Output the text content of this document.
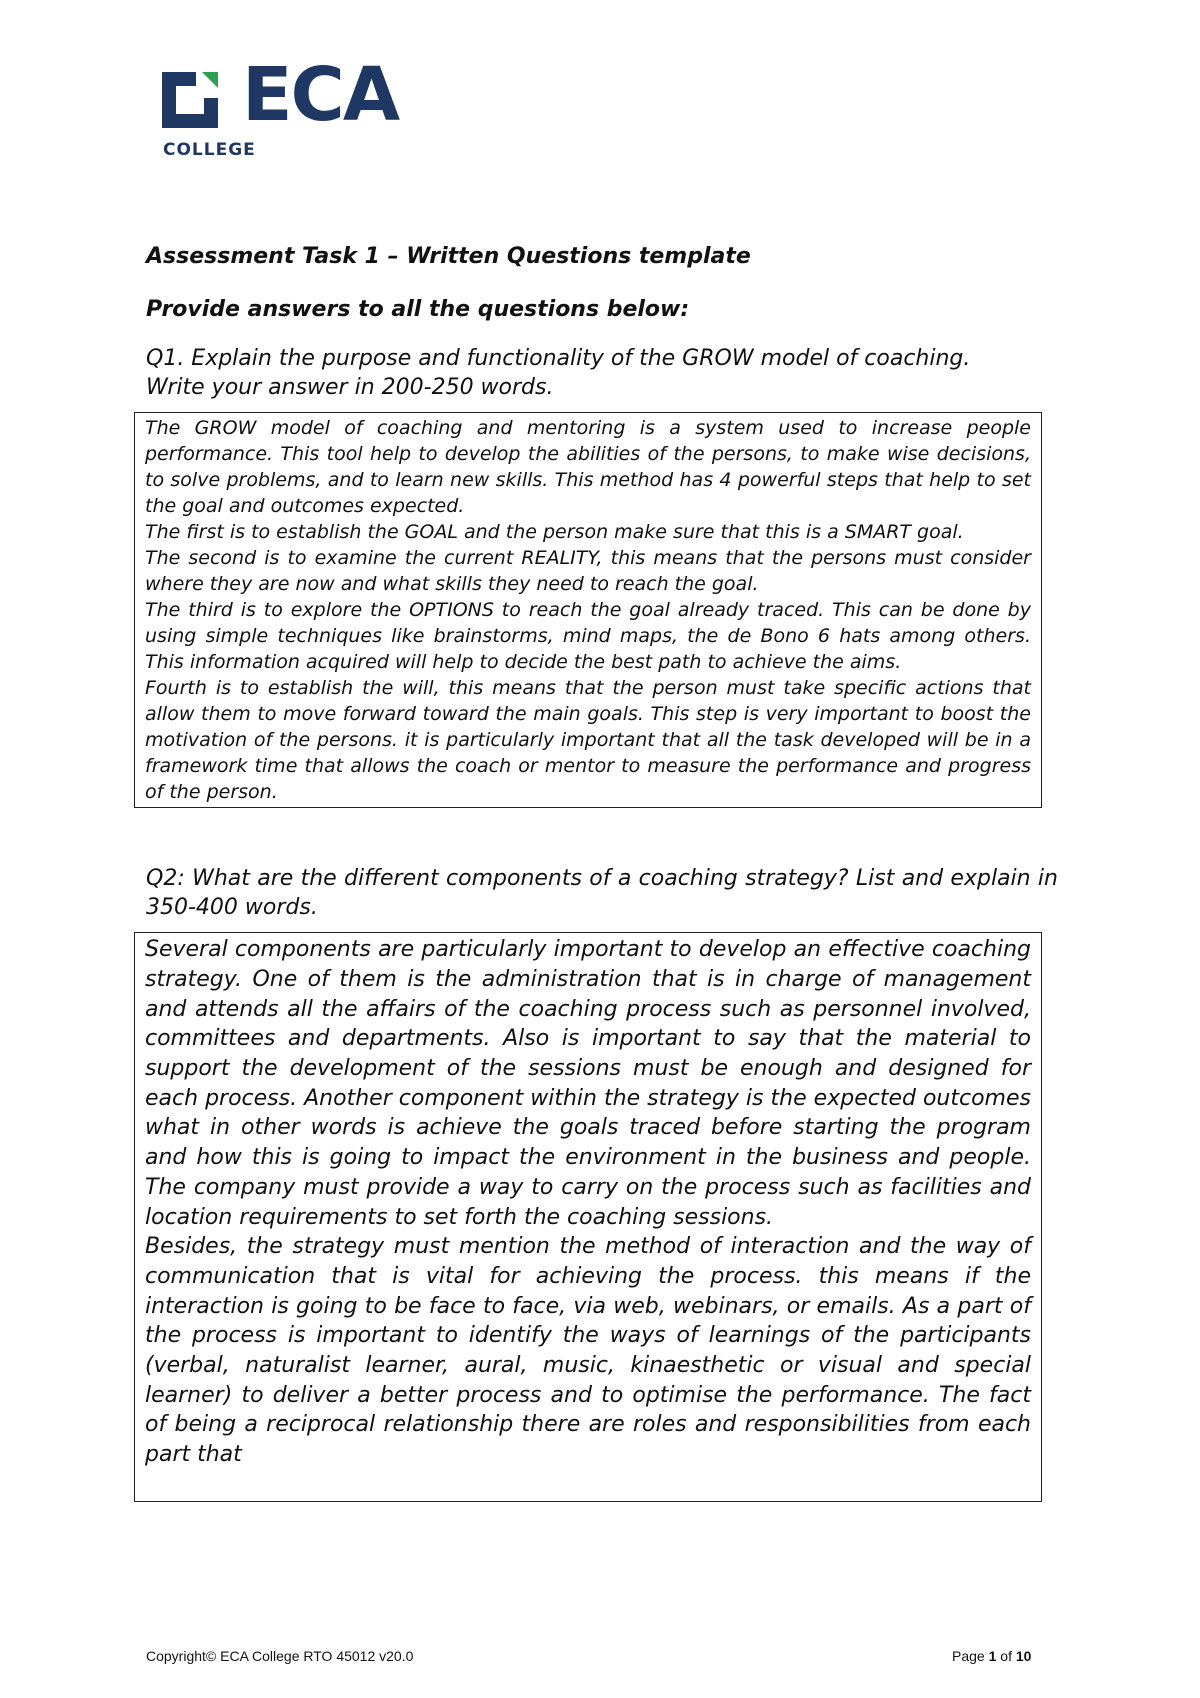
ECA
COLLEGE
Assessment Task 1 – Written Questions template
Provide answers to all the questions below:
Q1. Explain the purpose and functionality of the GROW model of coaching.
Write your answer in 200-250 words.

The GROW model of coaching and mentoring is a system used to increase people performance. This tool help to develop the abilities of the persons, to make wise decisions, to solve problems, and to learn new skills. This method has 4 powerful steps that help to set the goal and outcomes expected.

The first is to establish the GOAL and the person make sure that this is a SMART goal.

The second is to examine the current REALITY, this means that the persons must consider where they are now and what skills they need to reach the goal.

The third is to explore the OPTIONS to reach the goal already traced. This can be done by using simple techniques like brainstorms, mind maps, the de Bono 6 hats among others. This information acquired will help to decide the best path to achieve the aims.

Fourth is to establish the will, this means that the person must take specific actions that allow them to move forward toward the main goals. This step is very important to boost the motivation of the persons. it is particularly important that all the task developed will be in a framework time that allows the coach or mentor to measure the performance and progress of the person.

Q2: What are the different components of a coaching strategy? List and explain in 350-400 words.

Several components are particularly important to develop an effective coaching strategy. One of them is the administration that is in charge of management and attends all the affairs of the coaching process such as personnel involved, committees and departments. Also is important to say that the material to support the development of the sessions must be enough and designed for each process. Another component within the strategy is the expected outcomes what in other words is achieve the goals traced before starting the program and how this is going to impact the environment in the business and people. The company must provide a way to carry on the process such as facilities and location requirements to set forth the coaching sessions.

Besides, the strategy must mention the method of interaction and the way of communication that is vital for achieving the process. this means if the interaction is going to be face to face, via web, webinars, or emails. As a part of the process is important to identify the ways of learnings of the participants (verbal, naturalist learner, aural, music, kinaesthetic or visual and special learner) to deliver a better process and to optimise the performance. The fact of being a reciprocal relationship there are roles and responsibilities from each part that

Copyright© ECA College RTO 45012 v20.0	Page 1 of 10
